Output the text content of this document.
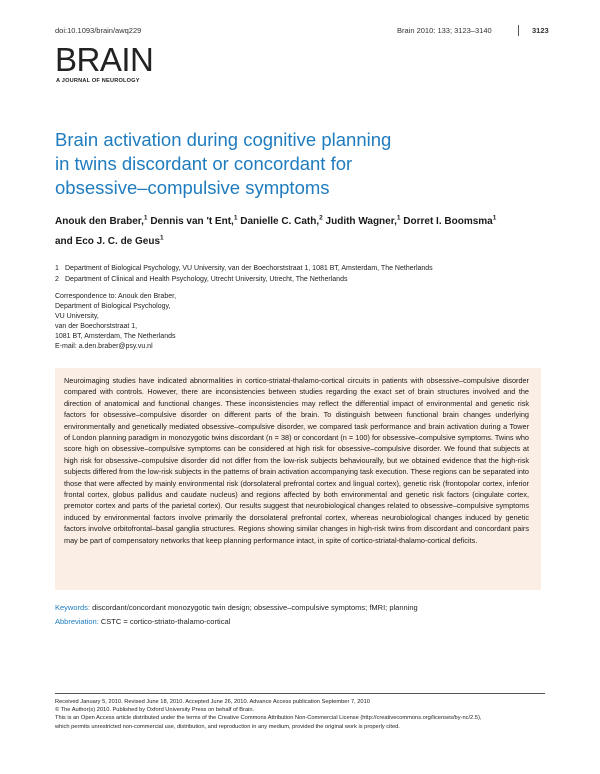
doi:10.1093/brain/awq229	Brain 2010: 133; 3123–3140	3123
BRAIN
A JOURNAL OF NEUROLOGY
Brain activation during cognitive planning
in twins discordant or concordant for
obsessive–compulsive symptoms
Anouk den Braber,$^1$ Dennis van 't Ent,$^1$ Danielle C. Cath,$^2$ Judith Wagner,$^1$ Dorret I. Boomsma$^1$
and Eco J. C. de Geus$^1$
1 Department of Biological Psychology, VU University, van der Boechorststraat 1, 1081 BT, Amsterdam, The Netherlands
2 Department of Clinical and Health Psychology, Utrecht University, Utrecht, The Netherlands
Correspondence to: Anouk den Braber,
Department of Biological Psychology,
VU University,
van der Boechorststraat 1,
1081 BT, Amsterdam, The Netherlands
E-mail: a.den.braber@psy.vu.nl
Neuroimaging studies have indicated abnormalities in cortico-striatal-thalamo-cortical circuits in patients with obsessive–compulsive disorder compared with controls. However, there are inconsistencies between studies regarding the exact set of brain structures involved and the direction of anatomical and functional changes. These inconsistencies may reflect the differential impact of environmental and genetic risk factors for obsessive–compulsive disorder on different parts of the brain. To distinguish between functional brain changes underlying environmentally and genetically mediated obsessive–compulsive disorder, we compared task performance and brain activation during a Tower of London planning paradigm in monozygotic twins discordant (n = 38) or concordant (n = 100) for obsessive–compulsive symptoms. Twins who score high on obsessive–compulsive symptoms can be considered at high risk for obsessive–compulsive disorder. We found that subjects at high risk for obsessive–compulsive disorder did not differ from the low-risk subjects behaviourally, but we obtained evidence that the high-risk subjects differed from the low-risk subjects in the patterns of brain activation accompanying task execution. These regions can be separated into those that were affected by mainly environmental risk (dorsolateral prefrontal cortex and lingual cortex), genetic risk (frontopolar cortex, inferior frontal cortex, globus pallidus and caudate nucleus) and regions affected by both environmental and genetic risk factors (cingulate cortex, premotor cortex and parts of the parietal cortex). Our results suggest that neurobiological changes related to obsessive–compulsive symptoms induced by environmental factors involve primarily the dorsolateral prefrontal cortex, whereas neurobiological changes induced by genetic factors involve orbitofrontal–basal ganglia structures. Regions showing similar changes in high-risk twins from discordant and concordant pairs may be part of compensatory networks that keep planning performance intact, in spite of cortico-striatal-thalamo-cortical deficits.
Keywords: discordant/concordant monozygotic twin design; obsessive–compulsive symptoms; fMRI; planning
Abbreviation: CSTC = cortico-striato-thalamo-cortical
Received January 5, 2010. Revised June 18, 2010. Accepted June 26, 2010. Advance Access publication September 7, 2010
© The Author(s) 2010. Published by Oxford University Press on behalf of Brain.
This is an Open Access article distributed under the terms of the Creative Commons Attribution Non-Commercial License (http://creativecommons.org/licenses/by-nc/2.5),
which permits unrestricted non-commercial use, distribution, and reproduction in any medium, provided the original work is properly cited.
